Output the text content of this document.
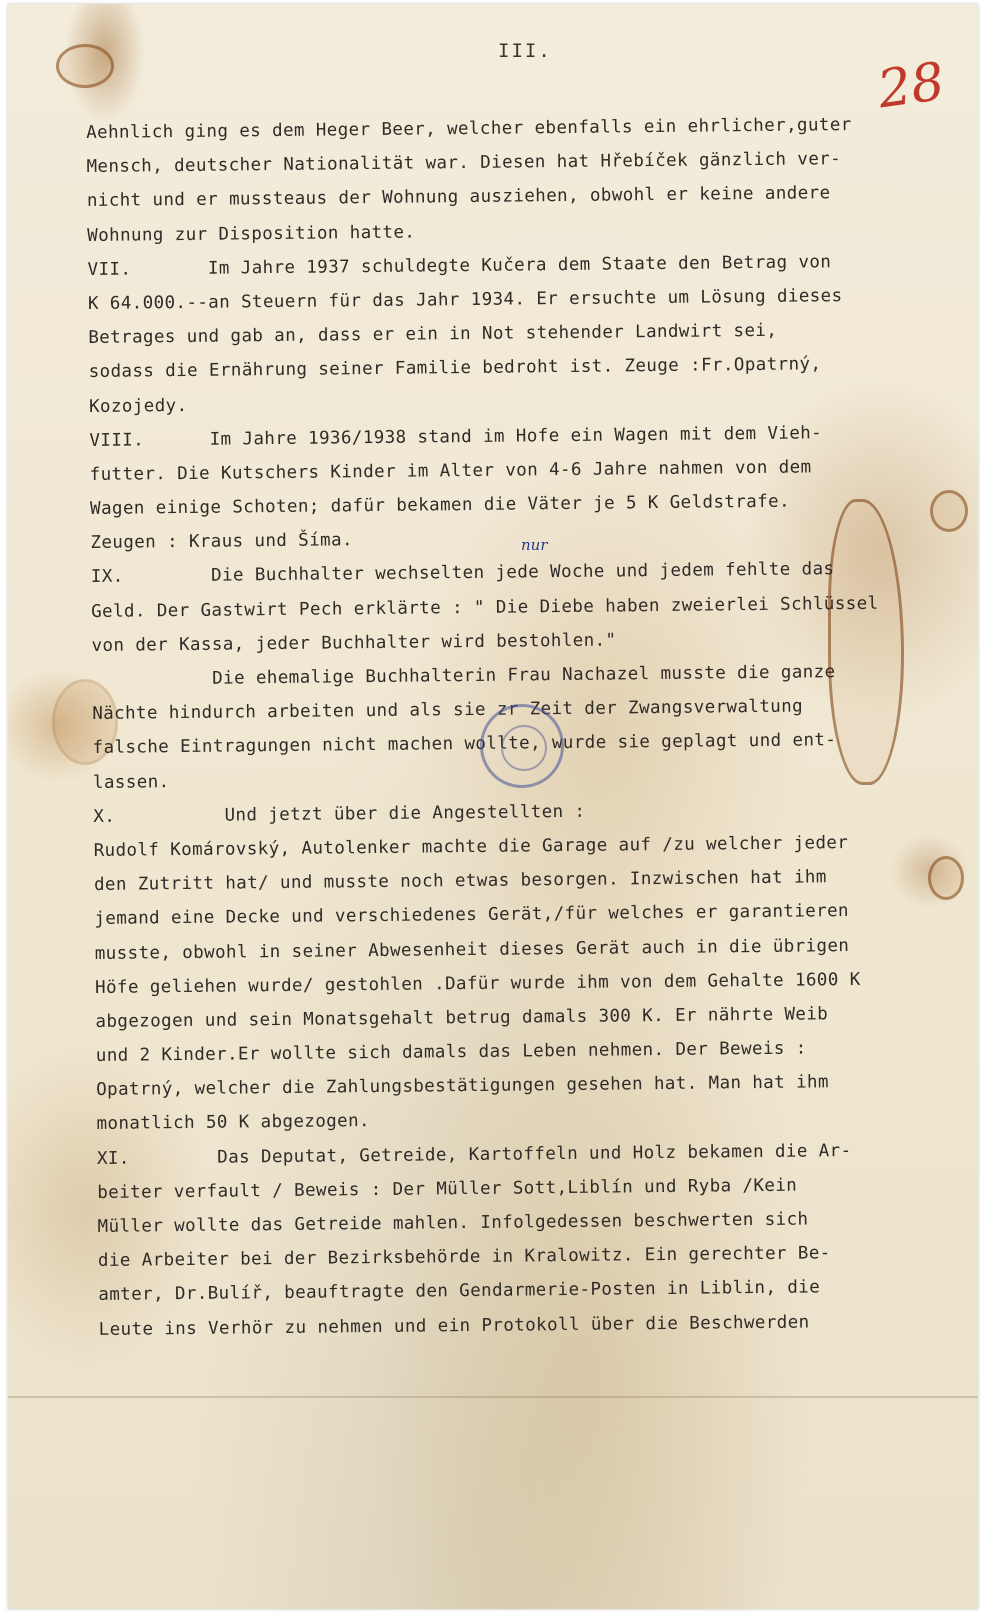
III.
28
Aehnlich ging es dem Heger Beer, welcher ebenfalls ein ehrlicher,guter
Mensch, deutscher Nationalität war. Diesen hat Hřebíček gänzlich ver-
nicht und er mussteaus der Wohnung ausziehen, obwohl er keine andere
Wohnung zur Disposition hatte.
VII.       Im Jahre 1937 schuldegte Kučera dem Staate den Betrag von
K 64.000.--an Steuern für das Jahr 1934. Er ersuchte um Lösung dieses
Betrages und gab an, dass er ein in Not stehender Landwirt sei,
sodass die Ernährung seiner Familie bedroht ist. Zeuge :Fr.Opatrný,
Kozojedy.
VIII.      Im Jahre 1936/1938 stand im Hofe ein Wagen mit dem Vieh-
futter. Die Kutschers Kinder im Alter von 4-6 Jahre nahmen von dem
Wagen einige Schoten; dafür bekamen die Väter je 5 K Geldstrafe.
Zeugen : Kraus und Šíma.
IX.        Die Buchhalter wechselten jede Woche und jedem fehlte das
Geld. Der Gastwirt Pech erklärte : " Die Diebe haben zweierlei Schlüssel
von der Kassa, jeder Buchhalter wird bestohlen."
Die ehemalige Buchhalterin Frau Nachazel musste die ganze
Nächte hindurch arbeiten und als sie zr Zeit der Zwangsverwaltung
falsche Eintragungen nicht machen wollte, wurde sie geplagt und ent-
lassen.
X.          Und jetzt über die Angestellten :
Rudolf Komárovský, Autolenker machte die Garage auf /zu welcher jeder
den Zutritt hat/ und musste noch etwas besorgen. Inzwischen hat ihm
jemand eine Decke und verschiedenes Gerät,/für welches er garantieren
musste, obwohl in seiner Abwesenheit dieses Gerät auch in die übrigen
Höfe geliehen wurde/ gestohlen .Dafür wurde ihm von dem Gehalte 1600 K
abgezogen und sein Monatsgehalt betrug damals 300 K. Er nährte Weib
und 2 Kinder.Er wollte sich damals das Leben nehmen. Der Beweis :
Opatrný, welcher die Zahlungsbestätigungen gesehen hat. Man hat ihm
monatlich 50 K abgezogen.
XI.        Das Deputat, Getreide, Kartoffeln und Holz bekamen die Ar-
beiter verfault / Beweis : Der Müller Sott,Liblín und Ryba /Kein
Müller wollte das Getreide mahlen. Infolgedessen beschwerten sich
die Arbeiter bei der Bezirksbehörde in Kralowitz. Ein gerechter Be-
amter, Dr.Bulíř, beauftragte den Gendarmerie-Posten in Liblin, die
Leute ins Verhör zu nehmen und ein Protokoll über die Beschwerden
nur
